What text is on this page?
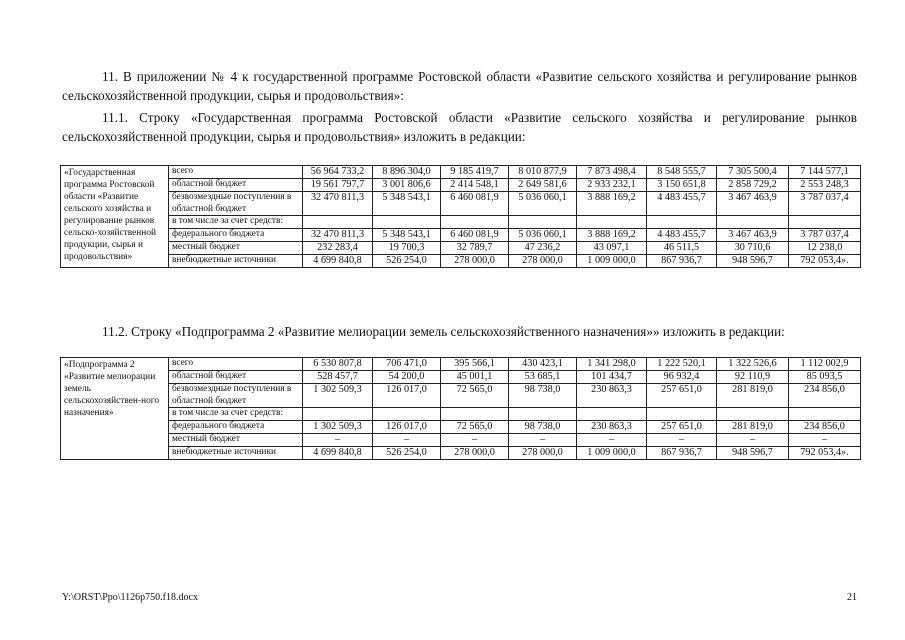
11. В приложении № 4 к государственной программе Ростовской области «Развитие сельского хозяйства и регулирование рынков сельскохозяйственной продукции, сырья и продовольствия»:
11.1. Строку «Государственная программа Ростовской области «Развитие сельского хозяйства и регулирование рынков сельскохозяйственной продукции, сырья и продовольствия» изложить в редакции:
«Государственная программа Ростовской области «Развитие сельского хозяйства и регулирование рынков сельско-хозяйственной продукции, сырья и продовольствия»	всего	56 964 733,2	8 896 304,0	9 185 419,7	8 010 877,9	7 873 498,4	8 548 555,7	7 305 500,4	7 144 577,1
	областной бюджет	19 561 797,7	3 001 806,6	2 414 548,1	2 649 581,6	2 933 232,1	3 150 651,8	2 858 729,2	2 553 248,3
	безвозмездные поступления в областной бюджет	32 470 811,3	5 348 543,1	6 460 081,9	5 036 060,1	3 888 169,2	4 483 455,7	3 467 463,9	3 787 037,4
	в том числе за счет средств:								
	федерального бюджета	32 470 811,3	5 348 543,1	6 460 081,9	5 036 060,1	3 888 169,2	4 483 455,7	3 467 463,9	3 787 037,4
	местный бюджет	232 283,4	19 700,3	32 789,7	47 236,2	43 097,1	46 511,5	30 710,6	12 238,0
	внебюджетные источники	4 699 840,8	526 254,0	278 000,0	278 000,0	1 009 000,0	867 936,7	948 596,7	792 053,4».
11.2. Строку «Подпрограмма 2 «Развитие мелиорации земель сельскохозяйственного назначения»» изложить в редакции:
«Подпрограмма 2 «Развитие мелиорации земель сельскохозяйствен-ного назначения»	всего	6 530 807,8	706 471,0	395 566,1	430 423,1	1 341 298,0	1 222 520,1	1 322 526,6	1 112 002,9
	областной бюджет	528 457,7	54 200,0	45 001,1	53 685,1	101 434,7	96 932,4	92 110,9	85 093,5
	безвозмездные поступления в областной бюджет	1 302 509,3	126 017,0	72 565,0	98 738,0	230 863,3	257 651,0	281 819,0	234 856,0
	в том числе за счет средств:								
	федерального бюджета	1 302 509,3	126 017,0	72 565,0	98 738,0	230 863,3	257 651,0	281 819,0	234 856,0
	местный бюджет	–	–	–	–	–	–	–	–
	внебюджетные источники	4 699 840,8	526 254,0	278 000,0	278 000,0	1 009 000,0	867 936,7	948 596,7	792 053,4».
Y:\ORST\Ppo\1126p750.f18.docx	21
